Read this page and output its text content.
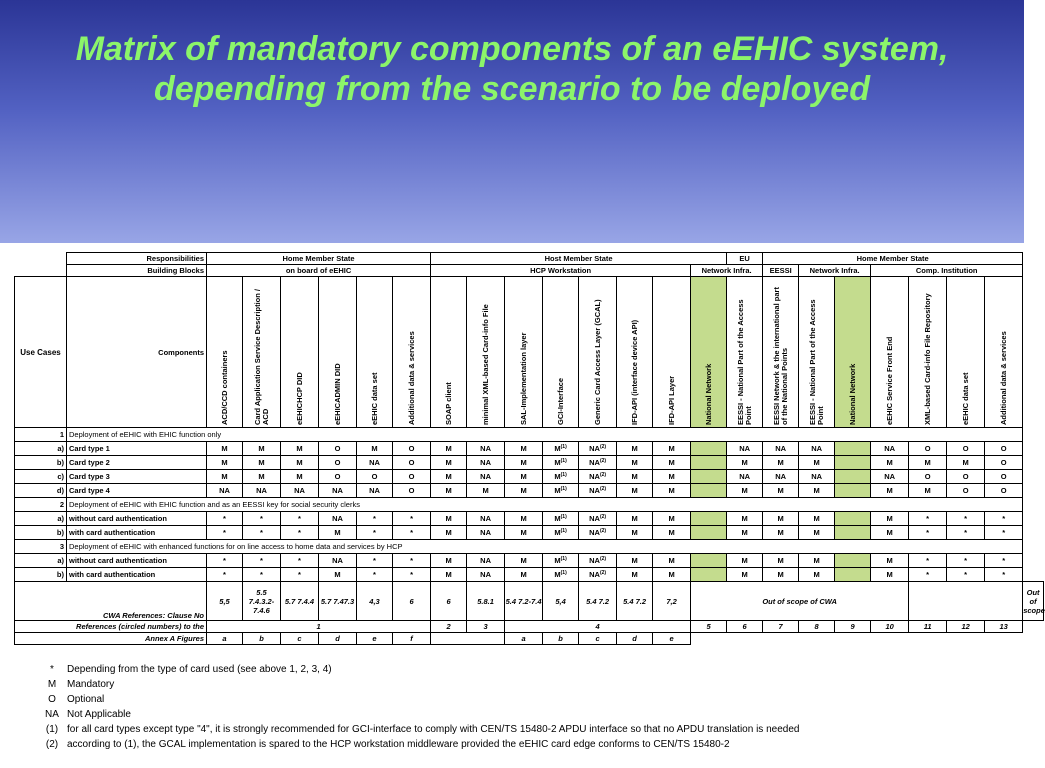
Matrix of mandatory components of an eEHIC system, depending from the scenario to be deployed
	Responsibilities	Home Member State						Host Member State								EU	Home Member State							
	Building Blocks	on board of eEHIC						HCP Workstation							Network Infra.		EESSI	Network Infra.		Comp. Institution				
Use Cases	Components	ACD/CCD containers	Card Application Service Description / ACD	eEHICHCP DID	eEHICADMIN DID	eEHIC data set	Additional data & services	SOAP client	minimal XML-based Card-info File	SAL-Implementation layer	GCI-Interface	Generic Card Access Layer (GCAL)	IFD-API (interface device API)	IFD-API Layer	National Network	EESSI - National Part of the Access Point	EESSI Network & the international part of the National Points	EESSI - National Part of the Access Point	National Network	eEHIC Service Front End	XML-based Card-info File Repository	eEHIC data set	Additional data & services	

1	Deployment of eEHIC with EHIC function only																							
a)	Card type 1	M	M	M	O	M	O	M	NA	M	$M^{(1)}$	NA$^{(2)}$	M	M		NA	NA	NA		NA	O	O	O	
b)	Card type 2	M	M	M	O	NA	O	M	NA	M	$M^{(1)}$	NA$^{(2)}$	M	M		M	M	M		M	M	M	O	
c)	Card type 3	M	M	M	O	O	O	M	NA	M	$M^{(1)}$	NA$^{(2)}$	M	M		NA	NA	NA		NA	O	O	O	
d)	Card type 4	NA	NA	NA	NA	NA	O	M	M	M	$M^{(1)}$	NA$^{(2)}$	M	M		M	M	M		M	M	O	O	
2	Deployment of eEHIC with EHIC function and as an EESSI key for social security clerks																							
a)	without card authentication	*	*	*	NA	*	*	M	NA	M	$M^{(1)}$	NA$^{(2)}$	M	M		M	M	M		M	*	*	*	
b)	with card authentication	*	*	*	M	*	*	M	NA	M	$M^{(1)}$	NA$^{(2)}$	M	M		M	M	M		M	*	*	*	
3	Deployment of eEHIC with enhanced functions for on line access to home data and services by HCP																							
a)	without card authentication	*	*	*	NA	*	*	M	NA	M	$M^{(1)}$	NA$^{(2)}$	M	M		M	M	M		M	*	*	*	
b)	with card authentication	*	*	*	M	*	*	M	NA	M	$M^{(1)}$	NA$^{(2)}$	M	M		M	M	M		M	*	*	*	
CWA References: Clause No		5,5	5.5 7.4.3.2-7.4.6	5.7 7.4.4	5.7 7.47.3	4,3	6	6	5.8.1	5.4 7.2-7.4	5,4	5.4 7.2	5.4 7.2	7,2	Out of scope of CWA									Out of scope
References (circled numbers) to the		1						2	3	4					5	6	7	8	9	10	11	12	13	
Annex A Figures		a	b	c	d	e	f			a	b	c	d	e										
* Depending from the type of card used (see above 1, 2, 3, 4)
M Mandatory
O Optional
NA Not Applicable
(1) for all card types except type "4", it is strongly recommended for GCI-interface to comply with CEN/TS 15480-2 APDU interface so that no APDU translation is needed
(2) according to (1), the GCAL implementation is spared to the HCP workstation middleware provided the eEHIC card edge conforms to CEN/TS 15480-2
